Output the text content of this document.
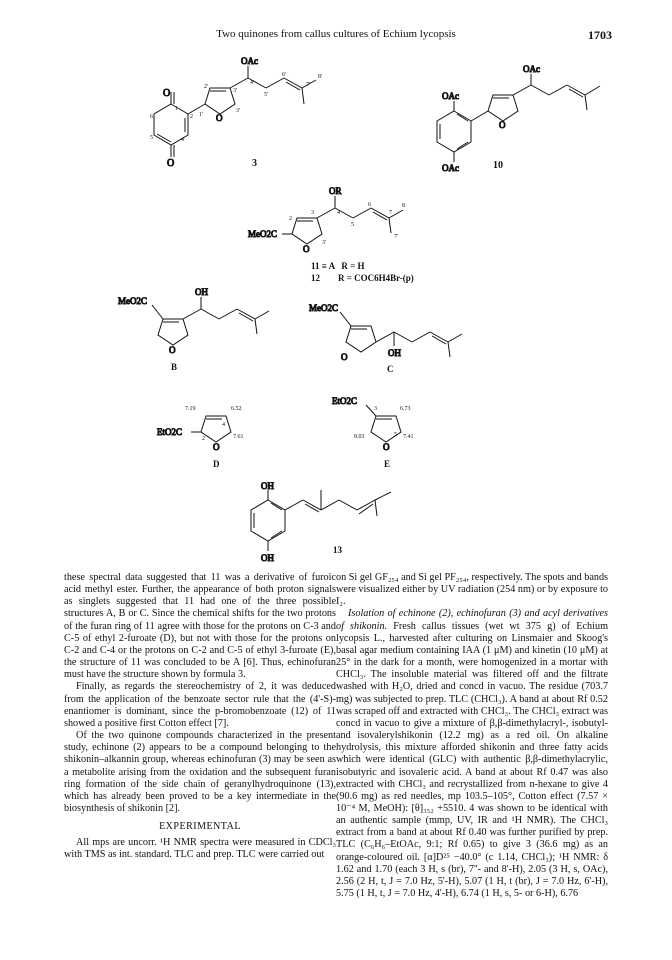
Two quinones from callus cultures of Echium lycopsis	1703
O
O
O
OAc
1
2
4
5
6	1'
2'
3'
3'
4'
5'
6'
7'
8'
3
OAc
OAc
OAc
O
10
OR
MeO2C
O
2
3	4
5
6
7
8
3'
7'
11 ≡ A   R = H
12        R = COC6H4Br-(p)
OH
MeO2C
O
B
MeO2C
O	OH
C
EtO2C
O
7.19	6.52
7.61
2
4
D
EtO2C
O
8.03
6.73
7.41
3
5
E
OH
OH
13

these spectral data suggested that 11 was a derivative of furoic acid methyl ester. Further, the appearance of both proton signals as singlets suggested that 11 had one of the three possible structures A, B or C. Since the chemical shifts for the two protons of the furan ring of 11 agree with those for the protons on C-3 and C-5 of ethyl 2-furoate (D), but not with those for the protons on C-2 and C-4 or the protons on C-2 and C-5 of ethyl 3-furoate (E), the structure of 11 was concluded to be A [6]. Thus, echinofuran must have the structure shown by formula 3.

Finally, as regards the stereochemistry of 2, it was deduced from the application of the benzoate sector rule that the (4'-S)-enantiomer is dominant, since the p-bromobenzoate (12) of 11 showed a positive first Cotton effect [7].

Of the two quinone compounds characterized in the present study, echinone (2) appears to be a compound belonging to the shikonin–alkannin group, whereas echinofuran (3) may be seen as a metabolite arising from the oxidation and the subsequent furan ring formation of the side chain of geranylhydroquinone (13), which has already been proved to be a key intermediate in the biosynthesis of shikonin [2].

EXPERIMENTAL

All mps are uncorr. ¹H NMR spectra were measured in CDCl₃ with TMS as int. standard. TLC and prep. TLC were carried out

on Si gel GF₂₅₄ and Si gel PF₂₅₄, respectively. The spots and bands were visualized either by UV radiation (254 nm) or by exposure to I₂.

Isolation of echinone (2), echinofuran (3) and acyl derivatives of shikonin. Fresh callus tissues (wet wt 375 g) of Echium lycopsis L., harvested after culturing on Linsmaier and Skoog's basal agar medium containing IAA (1 μM) and kinetin (10 μM) at 25° in the dark for a month, were homogenized in a mortar with CHCl₃. The insoluble material was filtered off and the filtrate washed with H₂O, dried and concd in vacuo. The residue (703.7 mg) was subjected to prep. TLC (CHCl₃). A band at about Rf 0.52 was scraped off and extracted with CHCl₃. The CHCl₃ extract was concd in vacuo to give a mixture of β,β-dimethylacryl-, isobutyl- and isovalerylshikonin (12.2 mg) as a red oil. On alkaline hydrolysis, this mixture afforded shikonin and three fatty acids which were identical (GLC) with authentic β,β-dimethylacrylic, isobutyric and isovaleric acid. A band at about Rf 0.47 was also extracted with CHCl₃ and recrystallized from n-hexane to give 4 (90.6 mg) as red needles, mp 103.5–105°, Cotton effect (7.57 × 10⁻⁴ M, MeOH): [θ]₃₅₂ +5510. 4 was shown to be identical with an authentic sample (mmp, UV, IR and ¹H NMR). The CHCl₃ extract from a band at about Rf 0.40 was further purified by prep. TLC (C₆H₆–EtOAc, 9:1; Rf 0.65) to give 3 (36.6 mg) as an orange-coloured oil. [α]D²⁵ −40.0° (c 1.14, CHCl₃); ¹H NMR: δ 1.62 and 1.70 (each 3 H, s (br), 7''- and 8'-H), 2.05 (3 H, s, OAc), 2.56 (2 H, t, J = 7.0 Hz, 5'-H), 5.07 (1 H, t (br), J = 7.0 Hz, 6'-H), 5.75 (1 H, t, J = 7.0 Hz, 4'-H), 6.74 (1 H, s, 5- or 6-H), 6.76
